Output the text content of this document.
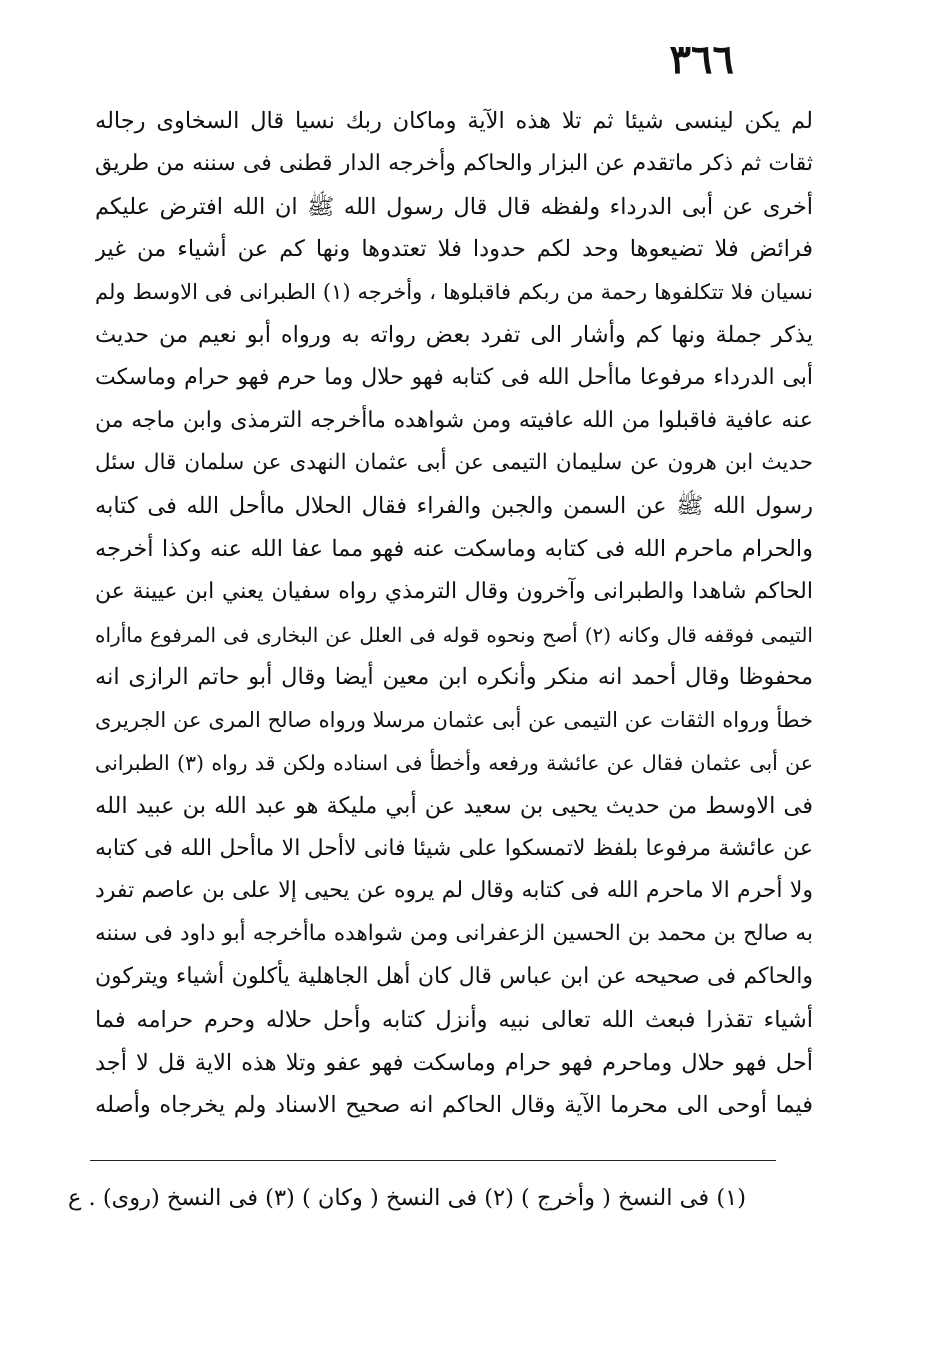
٣٦٦
لم يكن لينسى شيئا ثم تلا هذه الآية وماكان ربك نسيا قال السخاوى رجاله
ثقات ثم ذكر ماتقدم عن البزار والحاكم وأخرجه الدار قطنى فى سننه من طريق
أخرى عن أبى الدرداء ولفظه قال قال رسول الله ﷺ ان الله افترض عليكم
فرائض فلا تضيعوها وحد لكم حدودا فلا تعتدوها ونها كم عن أشياء من غير
نسيان فلا تتكلفوها رحمة من ربكم فاقبلوها ، وأخرجه (١) الطبرانى فى الاوسط ولم
يذكر جملة ونها كم وأشار الى تفرد بعض رواته به ورواه أبو نعيم من حديث
أبى الدرداء مرفوعا ماأحل الله فى كتابه فهو حلال وما حرم فهو حرام وماسكت
عنه عافية فاقبلوا من الله عافيته ومن شواهده ماأخرجه الترمذى وابن ماجه من
حديث ابن هرون عن سليمان التيمى عن أبى عثمان النهدى عن سلمان قال سئل
رسول الله ﷺ عن السمن والجبن والفراء فقال الحلال ماأحل الله فى كتابه
والحرام ماحرم الله فى كتابه وماسكت عنه فهو مما عفا الله عنه وكذا أخرجه
الحاكم شاهدا والطبرانى وآخرون وقال الترمذي رواه سفيان يعني ابن عيينة عن
التيمى فوقفه قال وكانه (٢) أصح ونحوه قوله فى العلل عن البخارى فى المرفوع ماأراه
محفوظا وقال أحمد انه منكر وأنكره ابن معين أيضا وقال أبو حاتم الرازى انه
خطأ ورواه الثقات عن التيمى عن أبى عثمان مرسلا ورواه صالح المرى عن الجريرى
عن أبى عثمان فقال عن عائشة ورفعه وأخطأ فى اسناده ولكن قد رواه (٣) الطبرانى
فى الاوسط من حديث يحيى بن سعيد عن أبي مليكة هو عبد الله بن عبيد الله
عن عائشة مرفوعا بلفظ لاتمسكوا على شيئا فانى لاأحل الا ماأحل الله فى كتابه
ولا أحرم الا ماحرم الله فى كتابه وقال لم يروه عن يحيى إلا على بن عاصم تفرد
به صالح بن محمد بن الحسين الزعفرانى ومن شواهده ماأخرجه أبو داود فى سننه
والحاكم فى صحيحه عن ابن عباس قال كان أهل الجاهلية يأكلون أشياء ويتركون
أشياء تقذرا فبعث الله تعالى نبيه وأنزل كتابه وأحل حلاله وحرم حرامه فما
أحل فهو حلال وماحرم فهو حرام وماسكت فهو عفو وتلا هذه الاية قل لا أجد
فيما أوحى الى محرما الآية وقال الحاكم انه صحيح الاسناد ولم يخرجاه وأصله
(١) فى النسخ ( وأخرج ) (٢) فى النسخ ( وكان ) (٣) فى النسخ (روى) . ع
